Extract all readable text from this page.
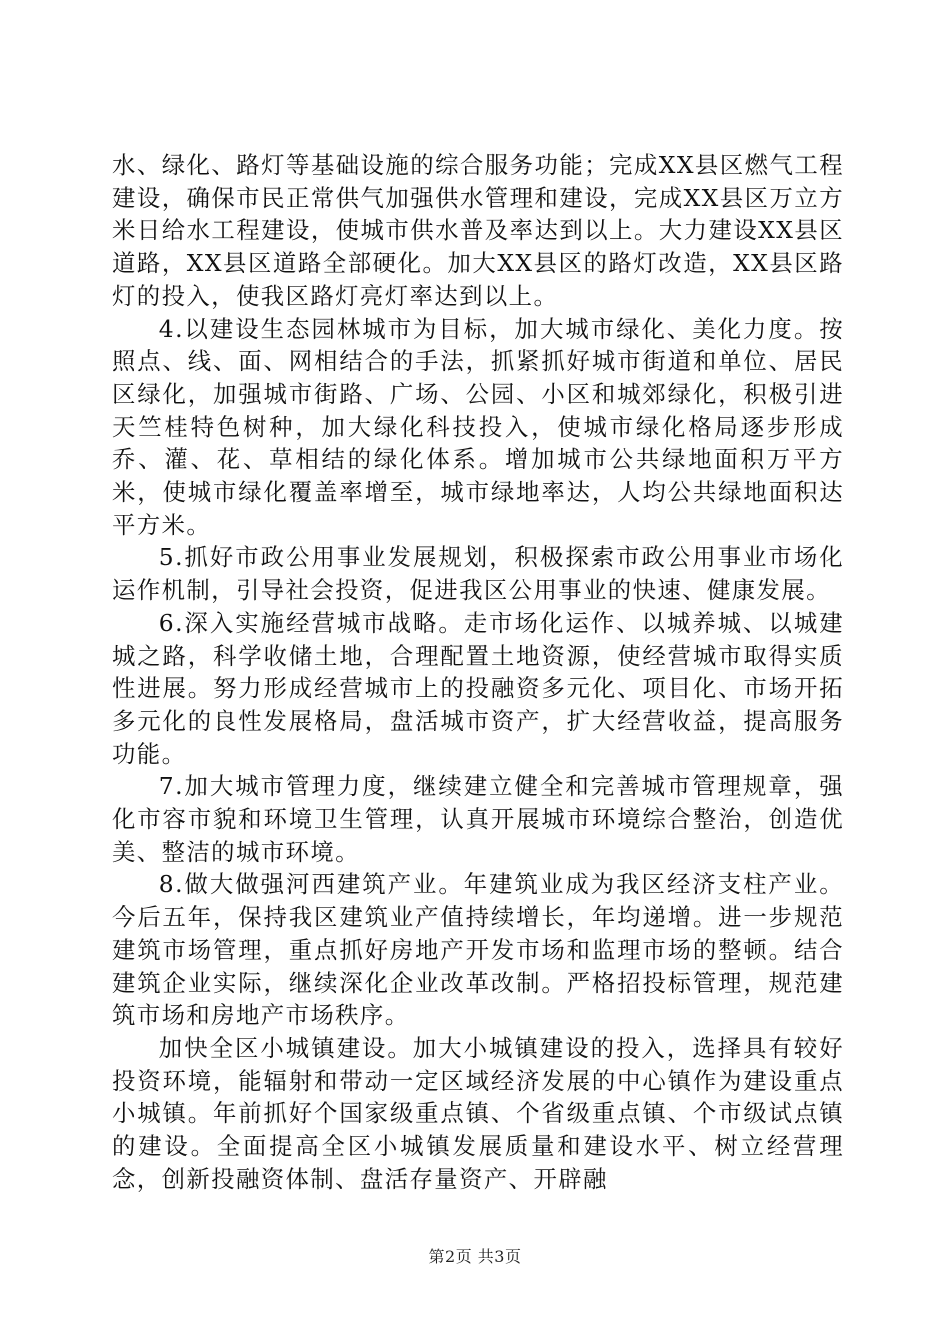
水、绿化、路灯等基础设施的综合服务功能；完成XX县区燃气工程建设，确保市民正常供气加强供水管理和建设，完成XX县区万立方米日给水工程建设，使城市供水普及率达到以上。大力建设XX县区道路，XX县区道路全部硬化。加大XX县区的路灯改造，XX县区路灯的投入，使我区路灯亮灯率达到以上。

4.以建设生态园林城市为目标，加大城市绿化、美化力度。按照点、线、面、网相结合的手法，抓紧抓好城市街道和单位、居民区绿化，加强城市街路、广场、公园、小区和城郊绿化，积极引进天竺桂特色树种，加大绿化科技投入，使城市绿化格局逐步形成乔、灌、花、草相结的绿化体系。增加城市公共绿地面积万平方米，使城市绿化覆盖率增至，城市绿地率达，人均公共绿地面积达平方米。

5.抓好市政公用事业发展规划，积极探索市政公用事业市场化运作机制，引导社会投资，促进我区公用事业的快速、健康发展。

6.深入实施经营城市战略。走市场化运作、以城养城、以城建城之路，科学收储土地，合理配置土地资源，使经营城市取得实质性进展。努力形成经营城市上的投融资多元化、项目化、市场开拓多元化的良性发展格局，盘活城市资产，扩大经营收益，提高服务功能。

7.加大城市管理力度，继续建立健全和完善城市管理规章，强化市容市貌和环境卫生管理，认真开展城市环境综合整治，创造优美、整洁的城市环境。

8.做大做强河西建筑产业。年建筑业成为我区经济支柱产业。今后五年，保持我区建筑业产值持续增长，年均递增。进一步规范建筑市场管理，重点抓好房地产开发市场和监理市场的整顿。结合建筑企业实际，继续深化企业改革改制。严格招投标管理，规范建筑市场和房地产市场秩序。

加快全区小城镇建设。加大小城镇建设的投入，选择具有较好投资环境，能辐射和带动一定区域经济发展的中心镇作为建设重点小城镇。年前抓好个国家级重点镇、个省级重点镇、个市级试点镇的建设。全面提高全区小城镇发展质量和建设水平、树立经营理念，创新投融资体制、盘活存量资产、开辟融

第2页 共3页
